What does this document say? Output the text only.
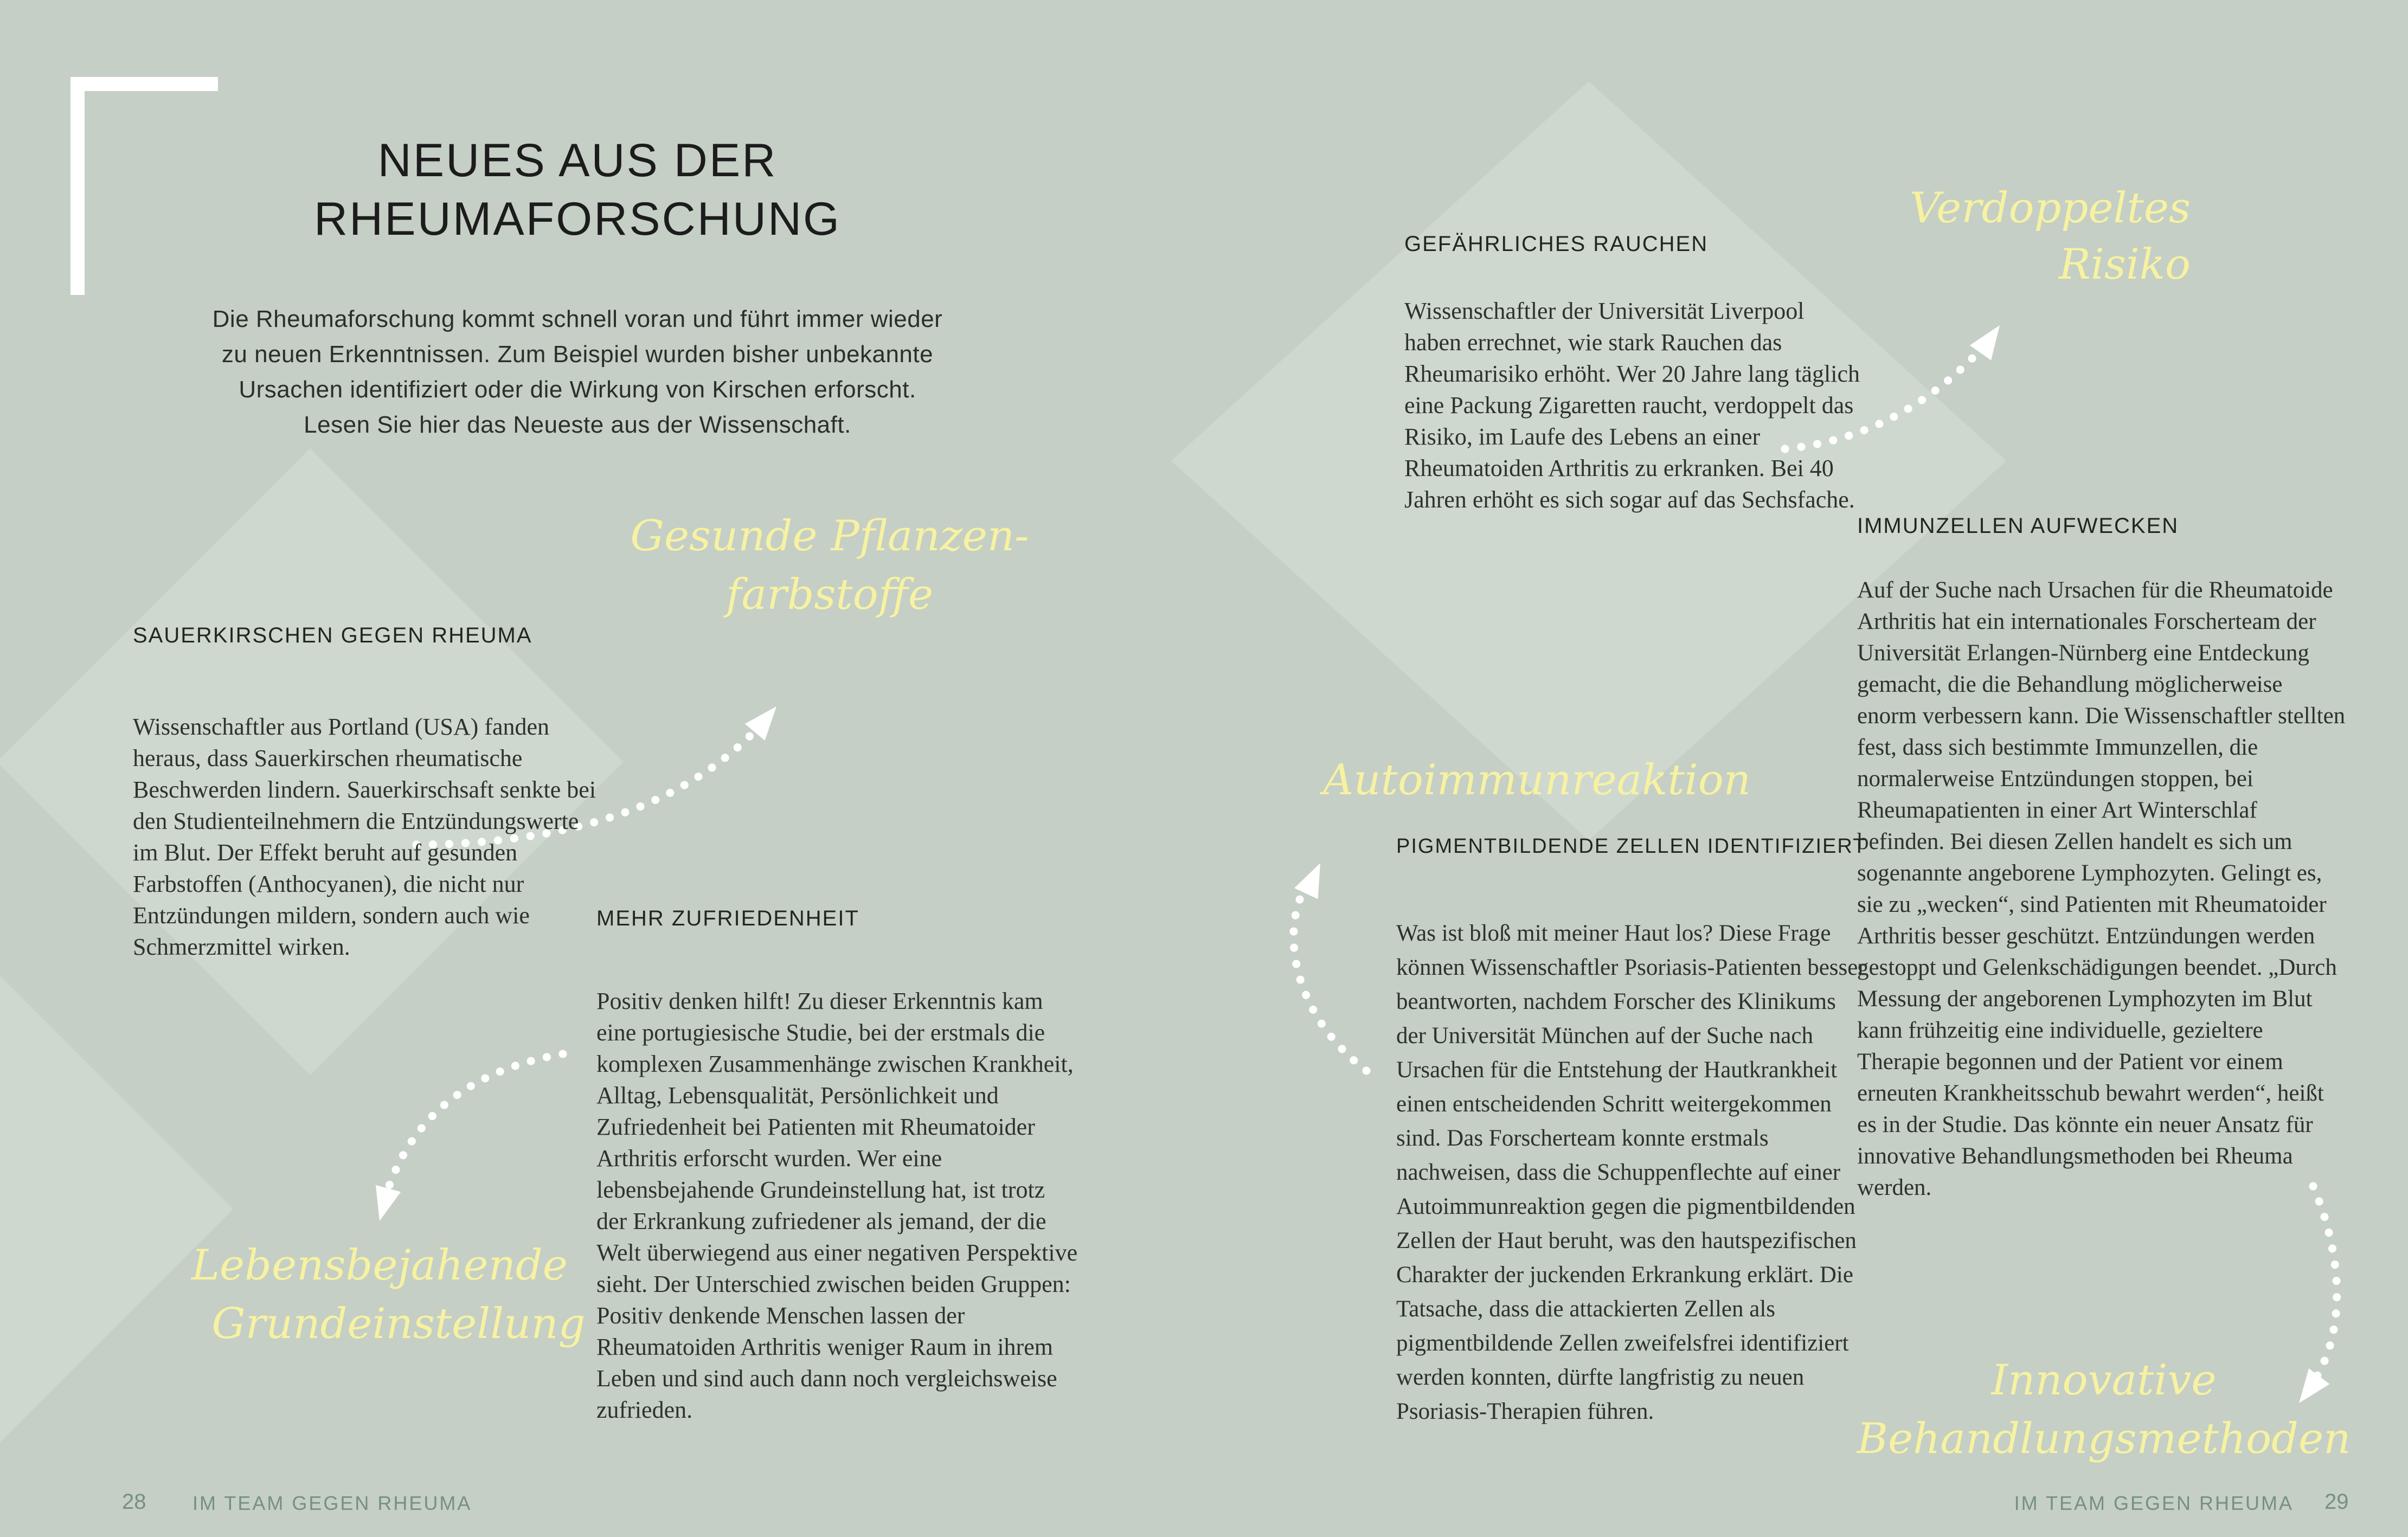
NEUES AUS DER
RHEUMAFORSCHUNG
Die Rheumaforschung kommt schnell voran und führt immer wieder
zu neuen Erkenntnissen. Zum Beispiel wurden bisher unbekannte
Ursachen identifiziert oder die Wirkung von Kirschen erforscht.
Lesen Sie hier das Neueste aus der Wissenschaft.
Gesunde Pflanzen-
farbstoffe
SAUERKIRSCHEN GEGEN RHEUMA
Wissenschaftler aus Portland (USA) fanden heraus, dass Sauerkirschen rheumatische Beschwerden lindern. Sauerkirschsaft senkte bei den Studienteilnehmern die Entzündungswerte im Blut. Der Effekt beruht auf gesunden Farbstoffen (Anthocyanen), die nicht nur Entzündungen mildern, sondern auch wie Schmerzmittel wirken.
MEHR ZUFRIEDENHEIT
Positiv denken hilft! Zu dieser Erkenntnis kam eine portugiesische Studie, bei der erstmals die komplexen Zusammenhänge zwischen Krankheit, Alltag, Lebensqualität, Persönlichkeit und Zufriedenheit bei Patienten mit Rheumatoider Arthritis erforscht wurden. Wer eine lebensbejahende Grundeinstellung hat, ist trotz der Erkrankung zufriedener als jemand, der die Welt überwiegend aus einer negativen Perspektive sieht. Der Unterschied zwischen beiden Gruppen: Positiv denkende Menschen lassen der Rheumatoiden Arthritis weniger Raum in ihrem Leben und sind auch dann noch vergleichsweise zufrieden.
Lebensbejahende
Grundeinstellung
28 IM TEAM GEGEN RHEUMA
GEFÄHRLICHES RAUCHEN
Wissenschaftler der Universität Liverpool haben errechnet, wie stark Rauchen das Rheumarisiko erhöht. Wer 20 Jahre lang täglich eine Packung Zigaretten raucht, verdoppelt das Risiko, im Laufe des Lebens an einer Rheumatoiden Arthritis zu erkranken. Bei 40 Jahren erhöht es sich sogar auf das Sechsfache.
Verdoppeltes
Risiko
IMMUNZELLEN AUFWECKEN
Auf der Suche nach Ursachen für die Rheumatoide Arthritis hat ein internationales Forscherteam der Universität Erlangen-Nürnberg eine Entdeckung gemacht, die die Behandlung möglicherweise enorm verbessern kann. Die Wissenschaftler stellten fest, dass sich bestimmte Immunzellen, die normalerweise Entzündungen stoppen, bei Rheumapatienten in einer Art Winterschlaf befinden. Bei diesen Zellen handelt es sich um sogenannte angeborene Lymphozyten. Gelingt es, sie zu „wecken“, sind Patienten mit Rheumatoider Arthritis besser geschützt. Entzündungen werden gestoppt und Gelenkschädigungen beendet. „Durch Messung der angeborenen Lymphozyten im Blut kann frühzeitig eine individuelle, gezieltere Therapie begonnen und der Patient vor einem erneuten Krankheitsschub bewahrt werden“, heißt es in der Studie. Das könnte ein neuer Ansatz für innovative Behandlungsmethoden bei Rheuma werden.
Autoimmunreaktion
PIGMENTBILDENDE ZELLEN IDENTIFIZIERT
Was ist bloß mit meiner Haut los? Diese Frage können Wissenschaftler Psoriasis-Patienten besser beantworten, nachdem Forscher des Klinikums der Universität München auf der Suche nach Ursachen für die Entstehung der Hautkrankheit einen entscheidenden Schritt weitergekommen sind. Das Forscherteam konnte erstmals nachweisen, dass die Schuppenflechte auf einer Autoimmunreaktion gegen die pigmentbildenden Zellen der Haut beruht, was den hautspezifischen Charakter der juckenden Erkrankung erklärt. Die Tatsache, dass die attackierten Zellen als pigmentbildende Zellen zweifelsfrei identifiziert werden konnten, dürfte langfristig zu neuen Psoriasis-Therapien führen.
Innovative
Behandlungsmethoden
IM TEAM GEGEN RHEUMA 29
